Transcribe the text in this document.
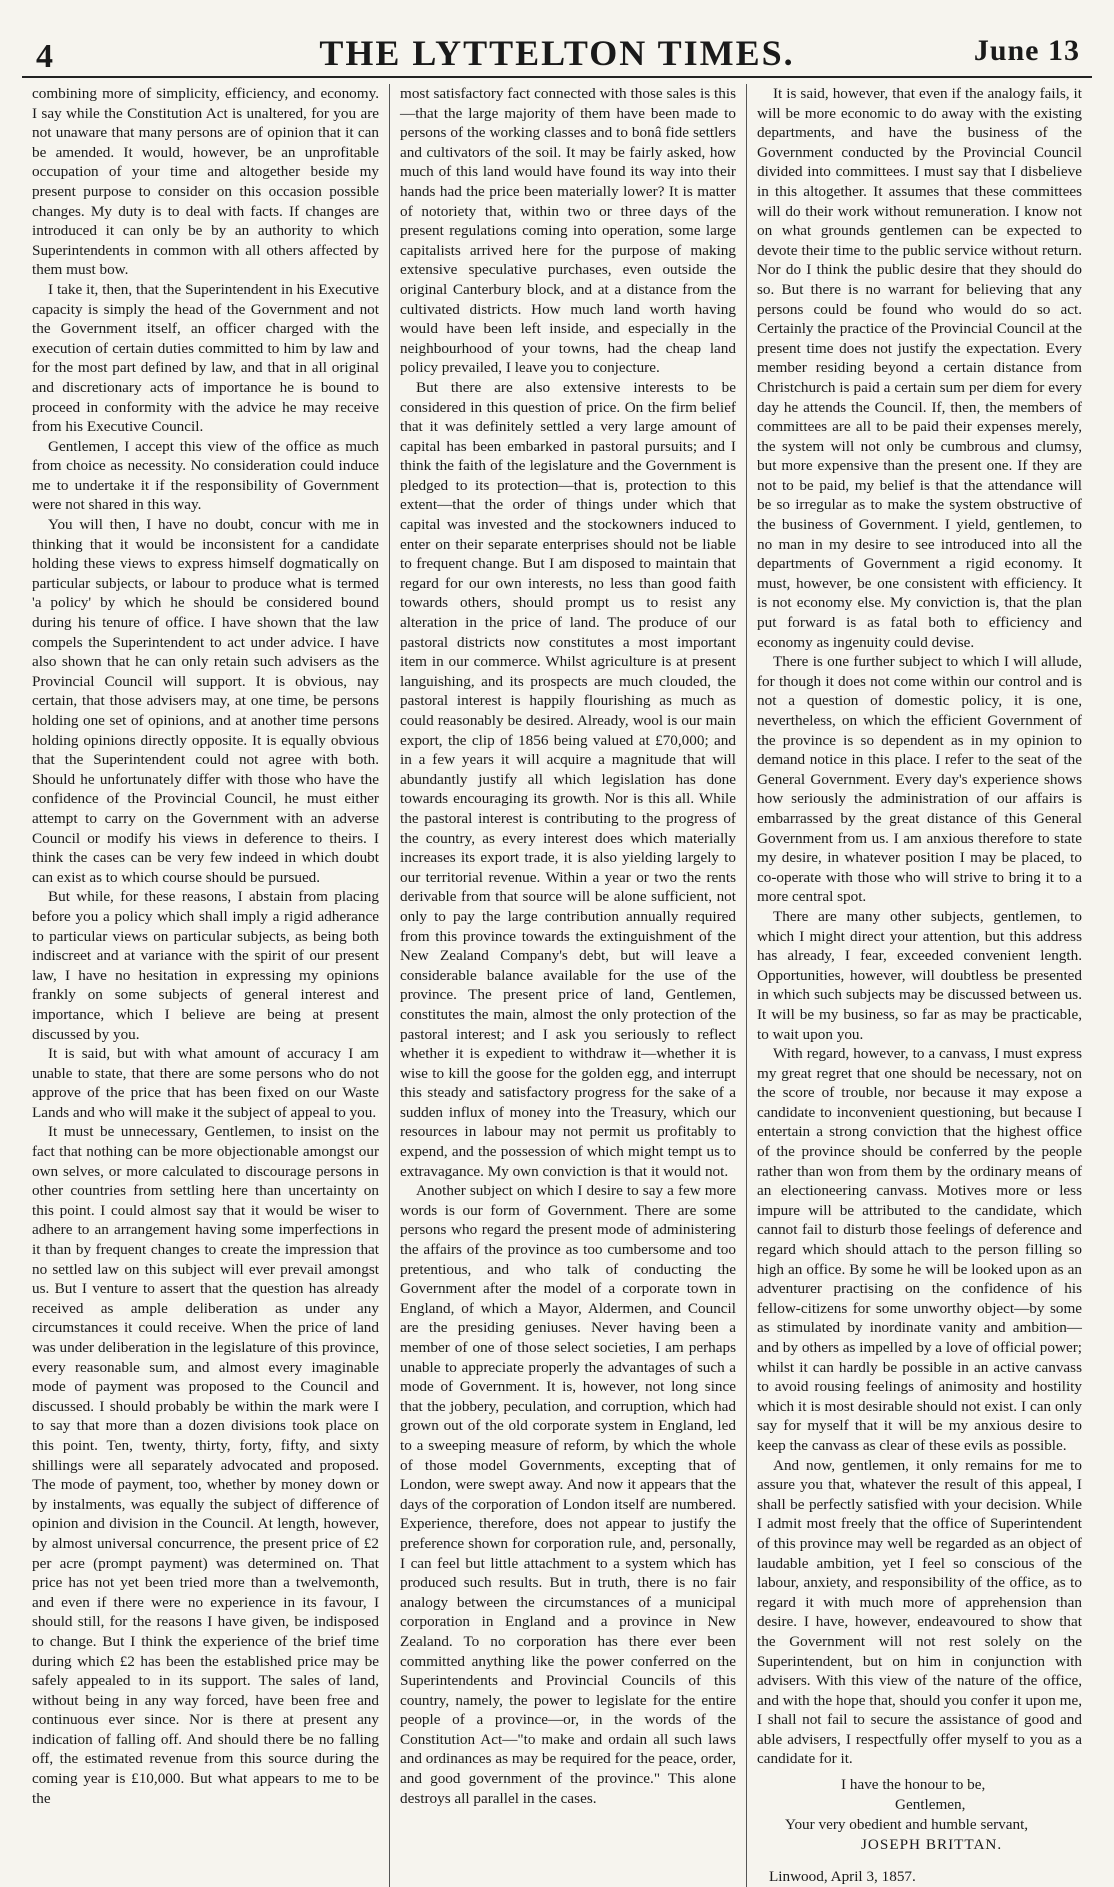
4	THE LYTTELTON TIMES.	June 13

combining more of simplicity, efficiency, and economy. I say while the Constitution Act is unaltered, for you are not unaware that many persons are of opinion that it can be amended. It would, however, be an unprofitable occupation of your time and altogether beside my present purpose to consider on this occasion possible changes. My duty is to deal with facts. If changes are introduced it can only be by an authority to which Superintendents in common with all others affected by them must bow.

I take it, then, that the Superintendent in his Executive capacity is simply the head of the Government and not the Government itself, an officer charged with the execution of certain duties committed to him by law and for the most part defined by law, and that in all original and discretionary acts of importance he is bound to proceed in conformity with the advice he may receive from his Executive Council.

Gentlemen, I accept this view of the office as much from choice as necessity. No consideration could induce me to undertake it if the responsibility of Government were not shared in this way.

You will then, I have no doubt, concur with me in thinking that it would be inconsistent for a candidate holding these views to express himself dogmatically on particular subjects, or labour to produce what is termed 'a policy' by which he should be considered bound during his tenure of office. I have shown that the law compels the Superintendent to act under advice. I have also shown that he can only retain such advisers as the Provincial Council will support. It is obvious, nay certain, that those advisers may, at one time, be persons holding one set of opinions, and at another time persons holding opinions directly opposite. It is equally obvious that the Superintendent could not agree with both. Should he unfortunately differ with those who have the confidence of the Provincial Council, he must either attempt to carry on the Government with an adverse Council or modify his views in deference to theirs. I think the cases can be very few indeed in which doubt can exist as to which course should be pursued.

But while, for these reasons, I abstain from placing before you a policy which shall imply a rigid adherance to particular views on particular subjects, as being both indiscreet and at variance with the spirit of our present law, I have no hesitation in expressing my opinions frankly on some subjects of general interest and importance, which I believe are being at present discussed by you.

It is said, but with what amount of accuracy I am unable to state, that there are some persons who do not approve of the price that has been fixed on our Waste Lands and who will make it the subject of appeal to you.

It must be unnecessary, Gentlemen, to insist on the fact that nothing can be more objectionable amongst our own selves, or more calculated to discourage persons in other countries from settling here than uncertainty on this point. I could almost say that it would be wiser to adhere to an arrangement having some imperfections in it than by frequent changes to create the impression that no settled law on this subject will ever prevail amongst us. But I venture to assert that the question has already received as ample deliberation as under any circumstances it could receive. When the price of land was under deliberation in the legislature of this province, every reasonable sum, and almost every imaginable mode of payment was proposed to the Council and discussed. I should probably be within the mark were I to say that more than a dozen divisions took place on this point. Ten, twenty, thirty, forty, fifty, and sixty shillings were all separately advocated and proposed. The mode of payment, too, whether by money down or by instalments, was equally the subject of difference of opinion and division in the Council. At length, however, by almost universal concurrence, the present price of £2 per acre (prompt payment) was determined on. That price has not yet been tried more than a twelvemonth, and even if there were no experience in its favour, I should still, for the reasons I have given, be indisposed to change. But I think the experience of the brief time during which £2 has been the established price may be safely appealed to in its support. The sales of land, without being in any way forced, have been free and continuous ever since. Nor is there at present any indication of falling off. And should there be no falling off, the estimated revenue from this source during the coming year is £10,000. But what appears to me to be the

most satisfactory fact connected with those sales is this—that the large majority of them have been made to persons of the working classes and to bonâ fide settlers and cultivators of the soil. It may be fairly asked, how much of this land would have found its way into their hands had the price been materially lower? It is matter of notoriety that, within two or three days of the present regulations coming into operation, some large capitalists arrived here for the purpose of making extensive speculative purchases, even outside the original Canterbury block, and at a distance from the cultivated districts. How much land worth having would have been left inside, and especially in the neighbourhood of your towns, had the cheap land policy prevailed, I leave you to conjecture.

But there are also extensive interests to be considered in this question of price. On the firm belief that it was definitely settled a very large amount of capital has been embarked in pastoral pursuits; and I think the faith of the legislature and the Government is pledged to its protection—that is, protection to this extent—that the order of things under which that capital was invested and the stockowners induced to enter on their separate enterprises should not be liable to frequent change. But I am disposed to maintain that regard for our own interests, no less than good faith towards others, should prompt us to resist any alteration in the price of land. The produce of our pastoral districts now constitutes a most important item in our commerce. Whilst agriculture is at present languishing, and its prospects are much clouded, the pastoral interest is happily flourishing as much as could reasonably be desired. Already, wool is our main export, the clip of 1856 being valued at £70,000; and in a few years it will acquire a magnitude that will abundantly justify all which legislation has done towards encouraging its growth. Nor is this all. While the pastoral interest is contributing to the progress of the country, as every interest does which materially increases its export trade, it is also yielding largely to our territorial revenue. Within a year or two the rents derivable from that source will be alone sufficient, not only to pay the large contribution annually required from this province towards the extinguishment of the New Zealand Company's debt, but will leave a considerable balance available for the use of the province. The present price of land, Gentlemen, constitutes the main, almost the only protection of the pastoral interest; and I ask you seriously to reflect whether it is expedient to withdraw it—whether it is wise to kill the goose for the golden egg, and interrupt this steady and satisfactory progress for the sake of a sudden influx of money into the Treasury, which our resources in labour may not permit us profitably to expend, and the possession of which might tempt us to extravagance. My own conviction is that it would not.

Another subject on which I desire to say a few more words is our form of Government. There are some persons who regard the present mode of administering the affairs of the province as too cumbersome and too pretentious, and who talk of conducting the Government after the model of a corporate town in England, of which a Mayor, Aldermen, and Council are the presiding geniuses. Never having been a member of one of those select societies, I am perhaps unable to appreciate properly the advantages of such a mode of Government. It is, however, not long since that the jobbery, peculation, and corruption, which had grown out of the old corporate system in England, led to a sweeping measure of reform, by which the whole of those model Governments, excepting that of London, were swept away. And now it appears that the days of the corporation of London itself are numbered. Experience, therefore, does not appear to justify the preference shown for corporation rule, and, personally, I can feel but little attachment to a system which has produced such results. But in truth, there is no fair analogy between the circumstances of a municipal corporation in England and a province in New Zealand. To no corporation has there ever been committed anything like the power conferred on the Superintendents and Provincial Councils of this country, namely, the power to legislate for the entire people of a province—or, in the words of the Constitution Act—"to make and ordain all such laws and ordinances as may be required for the peace, order, and good government of the province." This alone destroys all parallel in the cases.

It is said, however, that even if the analogy fails, it will be more economic to do away with the existing departments, and have the business of the Government conducted by the Provincial Council divided into committees. I must say that I disbelieve in this altogether. It assumes that these committees will do their work without remuneration. I know not on what grounds gentlemen can be expected to devote their time to the public service without return. Nor do I think the public desire that they should do so. But there is no warrant for believing that any persons could be found who would do so act. Certainly the practice of the Provincial Council at the present time does not justify the expectation. Every member residing beyond a certain distance from Christchurch is paid a certain sum per diem for every day he attends the Council. If, then, the members of committees are all to be paid their expenses merely, the system will not only be cumbrous and clumsy, but more expensive than the present one. If they are not to be paid, my belief is that the attendance will be so irregular as to make the system obstructive of the business of Government. I yield, gentlemen, to no man in my desire to see introduced into all the departments of Government a rigid economy. It must, however, be one consistent with efficiency. It is not economy else. My conviction is, that the plan put forward is as fatal both to efficiency and economy as ingenuity could devise.

There is one further subject to which I will allude, for though it does not come within our control and is not a question of domestic policy, it is one, nevertheless, on which the efficient Government of the province is so dependent as in my opinion to demand notice in this place. I refer to the seat of the General Government. Every day's experience shows how seriously the administration of our affairs is embarrassed by the great distance of this General Government from us. I am anxious therefore to state my desire, in whatever position I may be placed, to co-operate with those who will strive to bring it to a more central spot.

There are many other subjects, gentlemen, to which I might direct your attention, but this address has already, I fear, exceeded convenient length. Opportunities, however, will doubtless be presented in which such subjects may be discussed between us. It will be my business, so far as may be practicable, to wait upon you.

With regard, however, to a canvass, I must express my great regret that one should be necessary, not on the score of trouble, nor because it may expose a candidate to inconvenient questioning, but because I entertain a strong conviction that the highest office of the province should be conferred by the people rather than won from them by the ordinary means of an electioneering canvass. Motives more or less impure will be attributed to the candidate, which cannot fail to disturb those feelings of deference and regard which should attach to the person filling so high an office. By some he will be looked upon as an adventurer practising on the confidence of his fellow-citizens for some unworthy object—by some as stimulated by inordinate vanity and ambition—and by others as impelled by a love of official power; whilst it can hardly be possible in an active canvass to avoid rousing feelings of animosity and hostility which it is most desirable should not exist. I can only say for myself that it will be my anxious desire to keep the canvass as clear of these evils as possible.

And now, gentlemen, it only remains for me to assure you that, whatever the result of this appeal, I shall be perfectly satisfied with your decision. While I admit most freely that the office of Superintendent of this province may well be regarded as an object of laudable ambition, yet I feel so conscious of the labour, anxiety, and responsibility of the office, as to regard it with much more of apprehension than desire. I have, however, endeavoured to show that the Government will not rest solely on the Superintendent, but on him in conjunction with advisers. With this view of the nature of the office, and with the hope that, should you confer it upon me, I shall not fail to secure the assistance of good and able advisers, I respectfully offer myself to you as a candidate for it.

I have the honour to be,
Gentlemen,
Your very obedient and humble servant,
JOSEPH BRITTAN.
Linwood, April 3, 1857.
